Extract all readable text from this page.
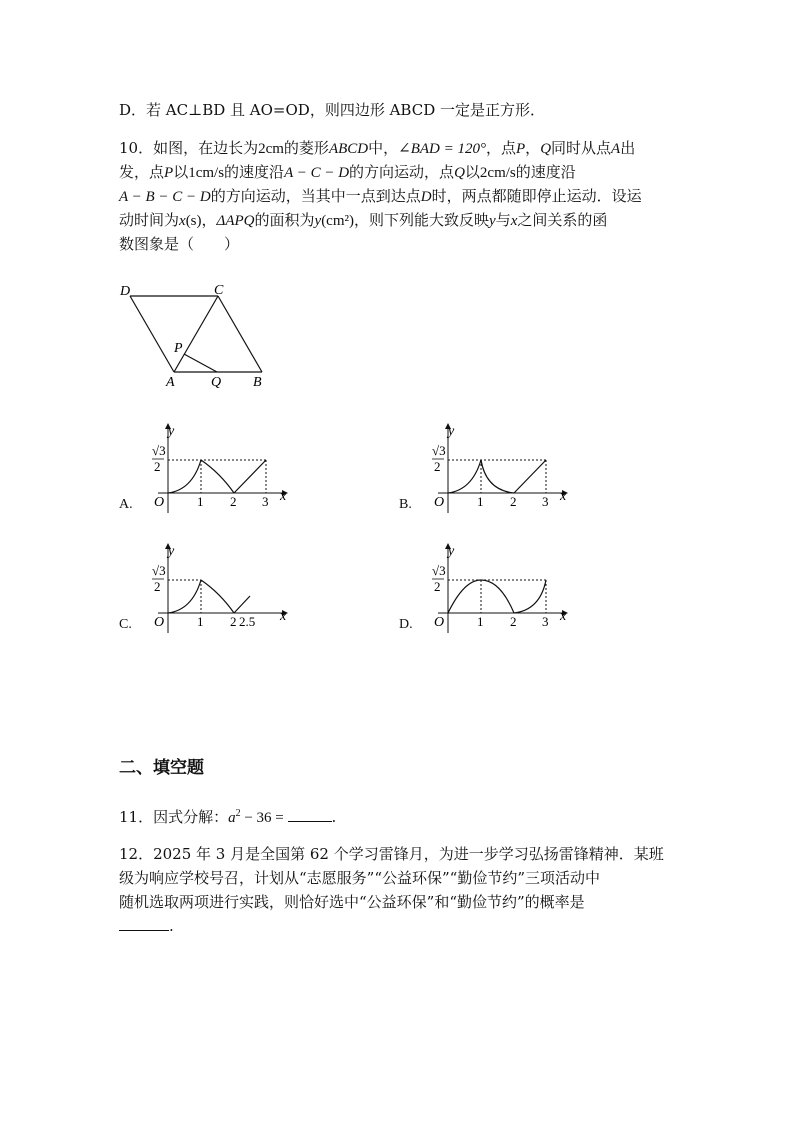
D．若 AC⊥BD 且 AO=OD，则四边形 ABCD 一定是正方形．
10．如图，在边长为2cm的菱形ABCD中，∠BAD = 120°，点P，Q同时从点A出
发，点P以1cm/s的速度沿A − C − D的方向运动，点Q以2cm/s的速度沿
A − B − C − D的方向运动，当其中一点到达点D时，两点都随即停止运动．设运
动时间为x(s)，ΔAPQ的面积为y(cm²)，则下列能大致反映y与x之间关系的函
数图象是（　　）
D	C
P
A	Q B
A.	B.
C.	D.
√3
2
y
x
O	1 2 3
√3
2
y
x
O	1 2 3
√3
2
y
x
O	1 2 2.5
√3
2
y
x
O	1 2 3
二、填空题
11．因式分解：$a^2 - 36$ =	.
12．2025 年 3 月是全国第 62 个学习雷锋月，为进一步学习弘扬雷锋精神．某班
级为响应学校号召，计划从“志愿服务”“公益环保”“勤俭节约”三项活动中
随机选取两项进行实践，则恰好选中“公益环保”和“勤俭节约”的概率是
.
